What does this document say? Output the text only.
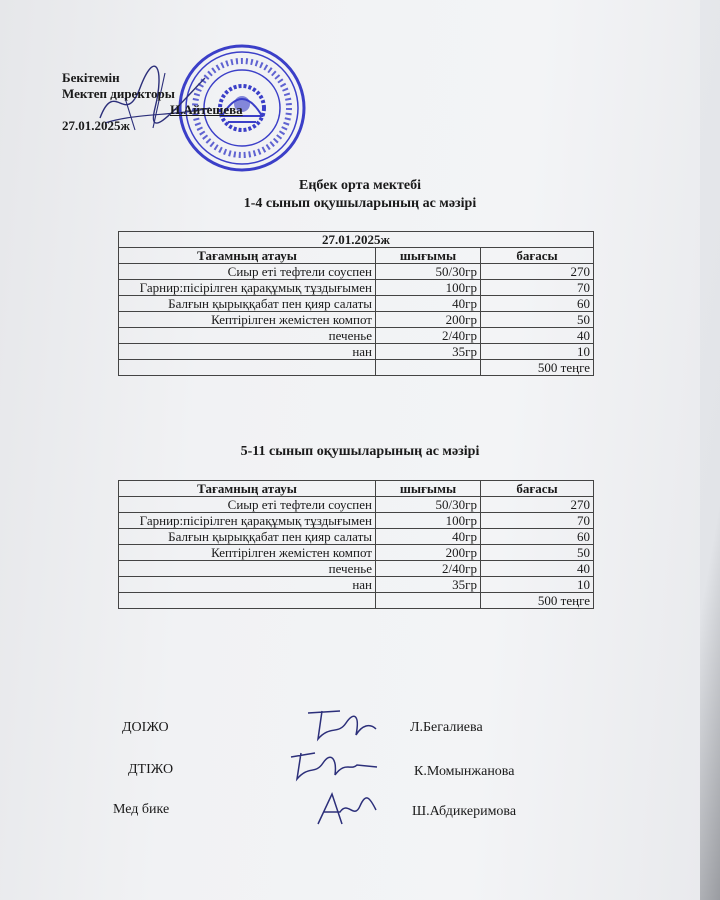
Бекітемін
Мектеп директоры
Н.Айтешева
27.01.2025ж
Еңбек орта мектебі
1-4 сынып оқушыларының ас мәзірі
27.01.2025ж		
Тағамның атауы	шығымы	бағасы
Сиыр еті тефтели соуспен	50/30гр	270
Гарнир:пісірілген қарақұмық тұздығымен	100гр	70
Балғын қырыққабат пен қияр салаты	40гр	60
Кептірілген жемістен компот	200гр	50
печенье	2/40гр	40
нан	35гр	10
		500 теңге
5-11 сынып оқушыларының ас мәзірі
Тағамның атауы	шығымы	бағасы
Сиыр еті тефтели соуспен	50/30гр	270
Гарнир:пісірілген қарақұмық тұздығымен	100гр	70
Балғын қырыққабат пен қияр салаты	40гр	60
Кептірілген жемістен компот	200гр	50
печенье	2/40гр	40
нан	35гр	10
		500 теңге
ДОІЖО	Л.Бегалиева
ДТІЖО	К.Момынжанова
Мед бике	Ш.Абдикеримова
